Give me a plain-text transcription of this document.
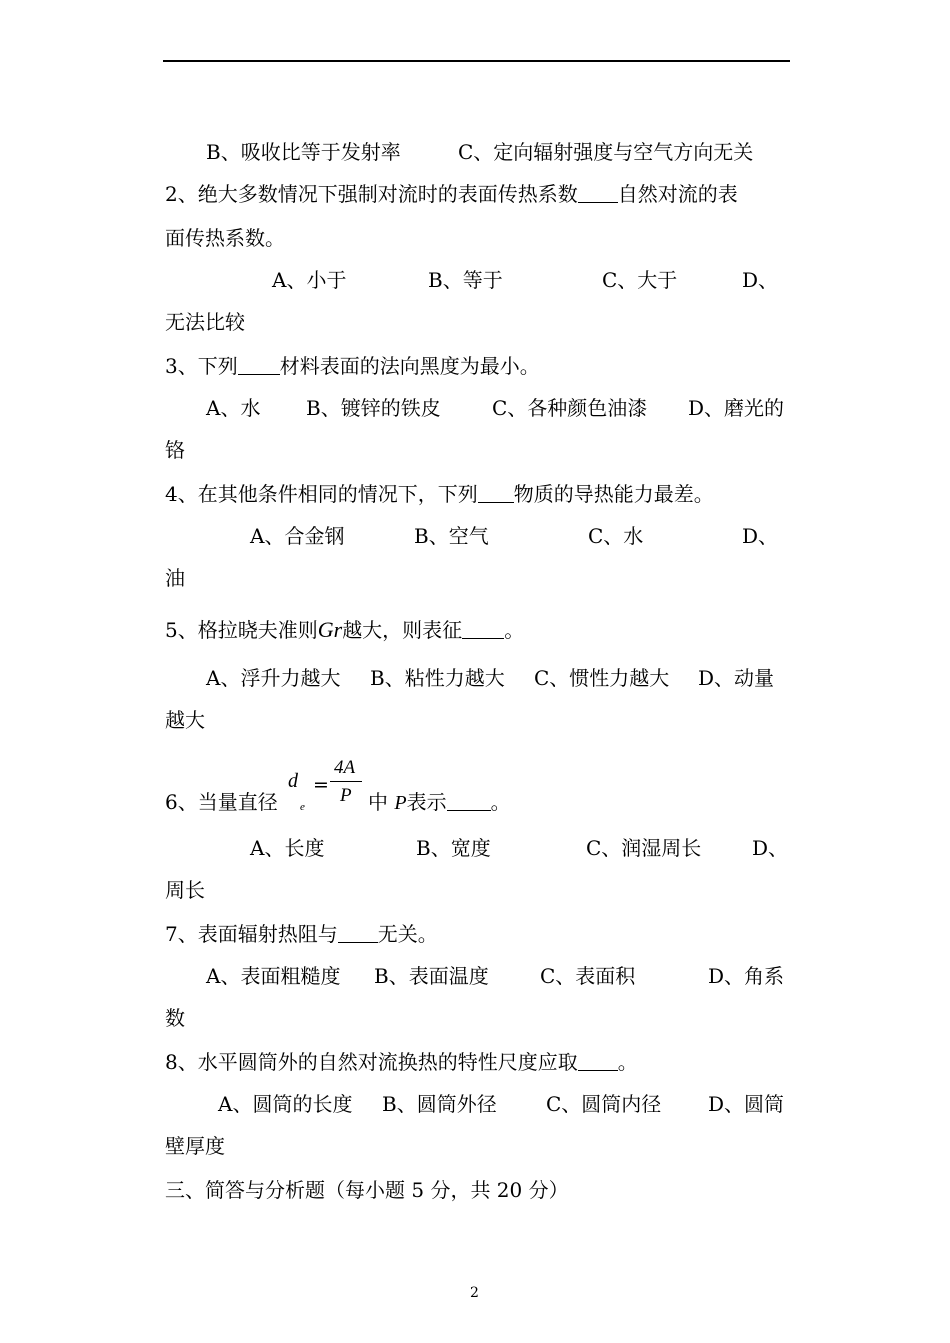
B、吸收比等于发射率	C、定向辐射强度与空气方向无关
2、绝大多数情况下强制对流时的表面传热系数 自然对流的表
面传热系数。
A、小于	B、等于	C、大于	D、
无法比较
3、下列 材料表面的法向黑度为最小。
A、水 B、镀锌的铁皮	C、各种颜色油漆 D、磨光的
铬
4、在其他条件相同的情况下，下列 物质的导热能力最差。
A、合金钢	B、空气	C、水	D、
油
5、格拉晓夫准则Gr越大，则表征 。
A、浮升力越大 B、粘性力越大 C、惯性力越大 D、动量
越大
6、当量直径
d
e
=
4A
P 中 P表示 。
A、长度	B、宽度	C、润湿周长	D、
周长
7、表面辐射热阻与 无关。
A、表面粗糙度 B、表面温度	C、表面积	D、角系
数
8、水平圆筒外的自然对流换热的特性尺度应取 。
A、圆筒的长度 B、圆筒外径 C、圆筒内径 D、圆筒
壁厚度
三、简答与分析题（每小题 5 分，共 20 分）
2
